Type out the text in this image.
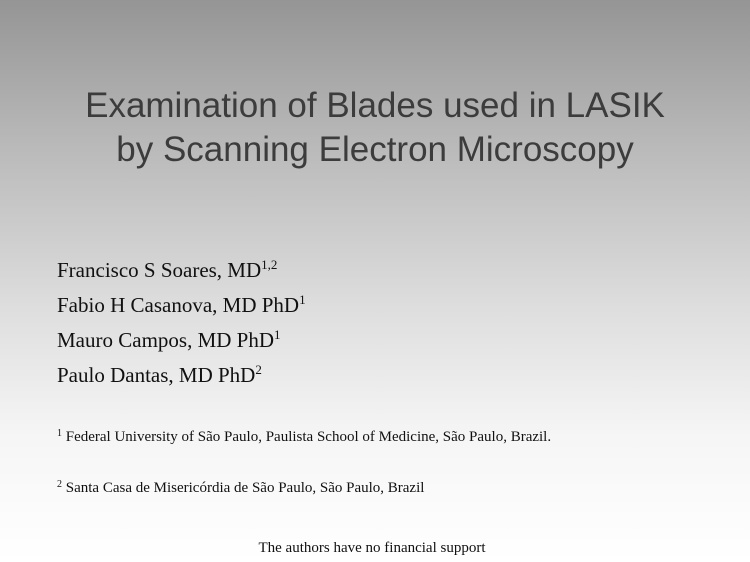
Examination of Blades used in LASIK
by Scanning Electron Microscopy
Francisco S Soares, MD$^{1,2}$
Fabio H Casanova, MD PhD$^1$
Mauro Campos, MD PhD$^1$
Paulo Dantas, MD PhD$^2$

$^1$ Federal University of São Paulo, Paulista School of Medicine, São Paulo, Brazil.

$^2$ Santa Casa de Misericórdia de São Paulo, São Paulo, Brazil

The authors have no financial support
